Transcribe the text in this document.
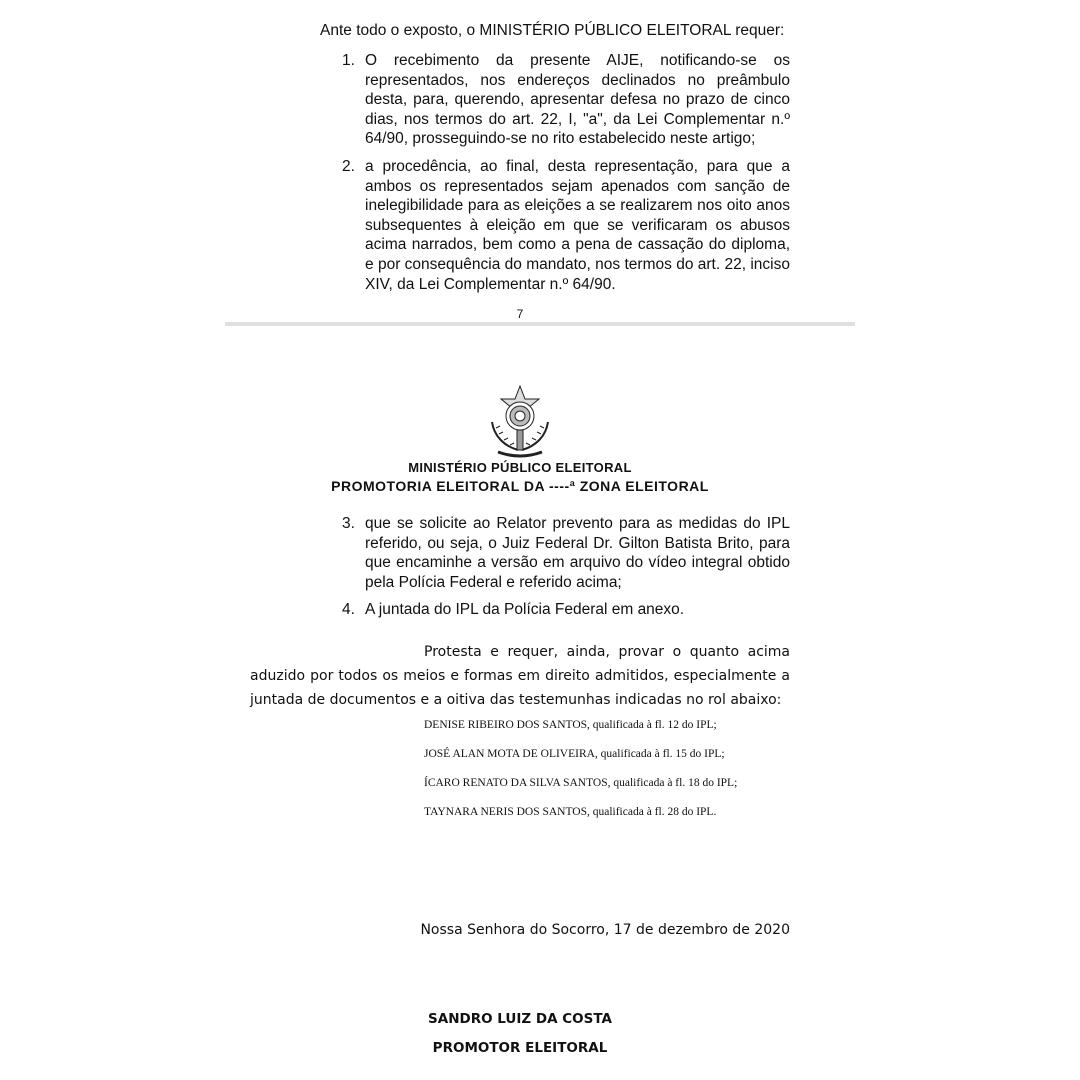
Ante todo o exposto, o MINISTÉRIO PÚBLICO ELEITORAL requer:
1. O recebimento da presente AIJE, notificando-se os representados, nos endereços declinados no preâmbulo desta, para, querendo, apresentar defesa no prazo de cinco dias, nos termos do art. 22, I, "a", da Lei Complementar n.º 64/90, prosseguindo-se no rito estabelecido neste artigo;
2. a procedência, ao final, desta representação, para que a ambos os representados sejam apenados com sanção de inelegibilidade para as eleições a se realizarem nos oito anos subsequentes à eleição em que se verificaram os abusos acima narrados, bem como a pena de cassação do diploma, e por consequência do mandato, nos termos do art. 22, inciso XIV, da Lei Complementar n.º 64/90.
7
MINISTÉRIO PÚBLICO ELEITORAL
PROMOTORIA ELEITORAL DA ----ª ZONA ELEITORAL
3. que se solicite ao Relator prevento para as medidas do IPL referido, ou seja, o Juiz Federal Dr. Gilton Batista Brito, para que encaminhe a versão em arquivo do vídeo integral obtido pela Polícia Federal e referido acima;
4. A juntada do IPL da Polícia Federal em anexo.
Protesta e requer, ainda, provar o quanto acima aduzido por todos os meios e formas em direito admitidos, especialmente a juntada de documentos e a oitiva das testemunhas indicadas no rol abaixo:
DENISE RIBEIRO DOS SANTOS, qualificada à fl. 12 do IPL;
JOSÉ ALAN MOTA DE OLIVEIRA, qualificada à fl. 15 do IPL;
ÍCARO RENATO DA SILVA SANTOS, qualificada à fl. 18 do IPL;
TAYNARA NERIS DOS SANTOS, qualificada à fl. 28 do IPL.
Nossa Senhora do Socorro, 17 de dezembro de 2020
SANDRO LUIZ DA COSTA
PROMOTOR ELEITORAL
